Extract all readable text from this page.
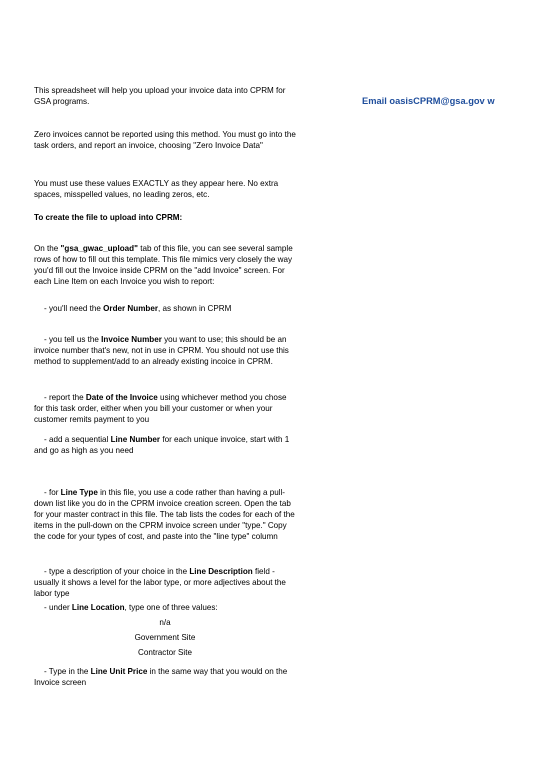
This spreadsheet will help you upload your invoice data into CPRM for GSA programs.	Email oasisCPRM@gsa.gov w

Zero invoices cannot be reported using this method. You must go into the task orders, and report an invoice, choosing "Zero Invoice Data"

You must use these values EXACTLY as they appear here. No extra spaces, misspelled values, no leading zeros, etc.

To create the file to upload into CPRM:

On the "gsa_gwac_upload" tab of this file, you can see several sample rows of how to fill out this template. This file mimics very closely the way you'd fill out the Invoice inside CPRM on the "add Invoice" screen. For each Line Item on each Invoice you wish to report:

- you'll need the Order Number, as shown in CPRM

- you tell us the Invoice Number you want to use; this should be an invoice number that's new, not in use in CPRM. You should not use this method to supplement/add to an already existing incoice in CPRM.

- report the Date of the Invoice using whichever method you chose for this task order, either when you bill your customer or when your customer remits payment to you

- add a sequential Line Number for each unique invoice, start with 1 and go as high as you need

- for Line Type in this file, you use a code rather than having a pull-down list like you do in the CPRM invoice creation screen. Open the tab for your master contract in this file. The tab lists the codes for each of the items in the pull-down on the CPRM invoice screen under "type." Copy the code for your types of cost, and paste into the "line type" column

- type a description of your choice in the Line Description field - usually it shows a level for the labor type, or more adjectives about the labor type

- under Line Location, type one of three values:

n/a
Government Site
Contractor Site

- Type in the Line Unit Price in the same way that you would on the Invoice screen
